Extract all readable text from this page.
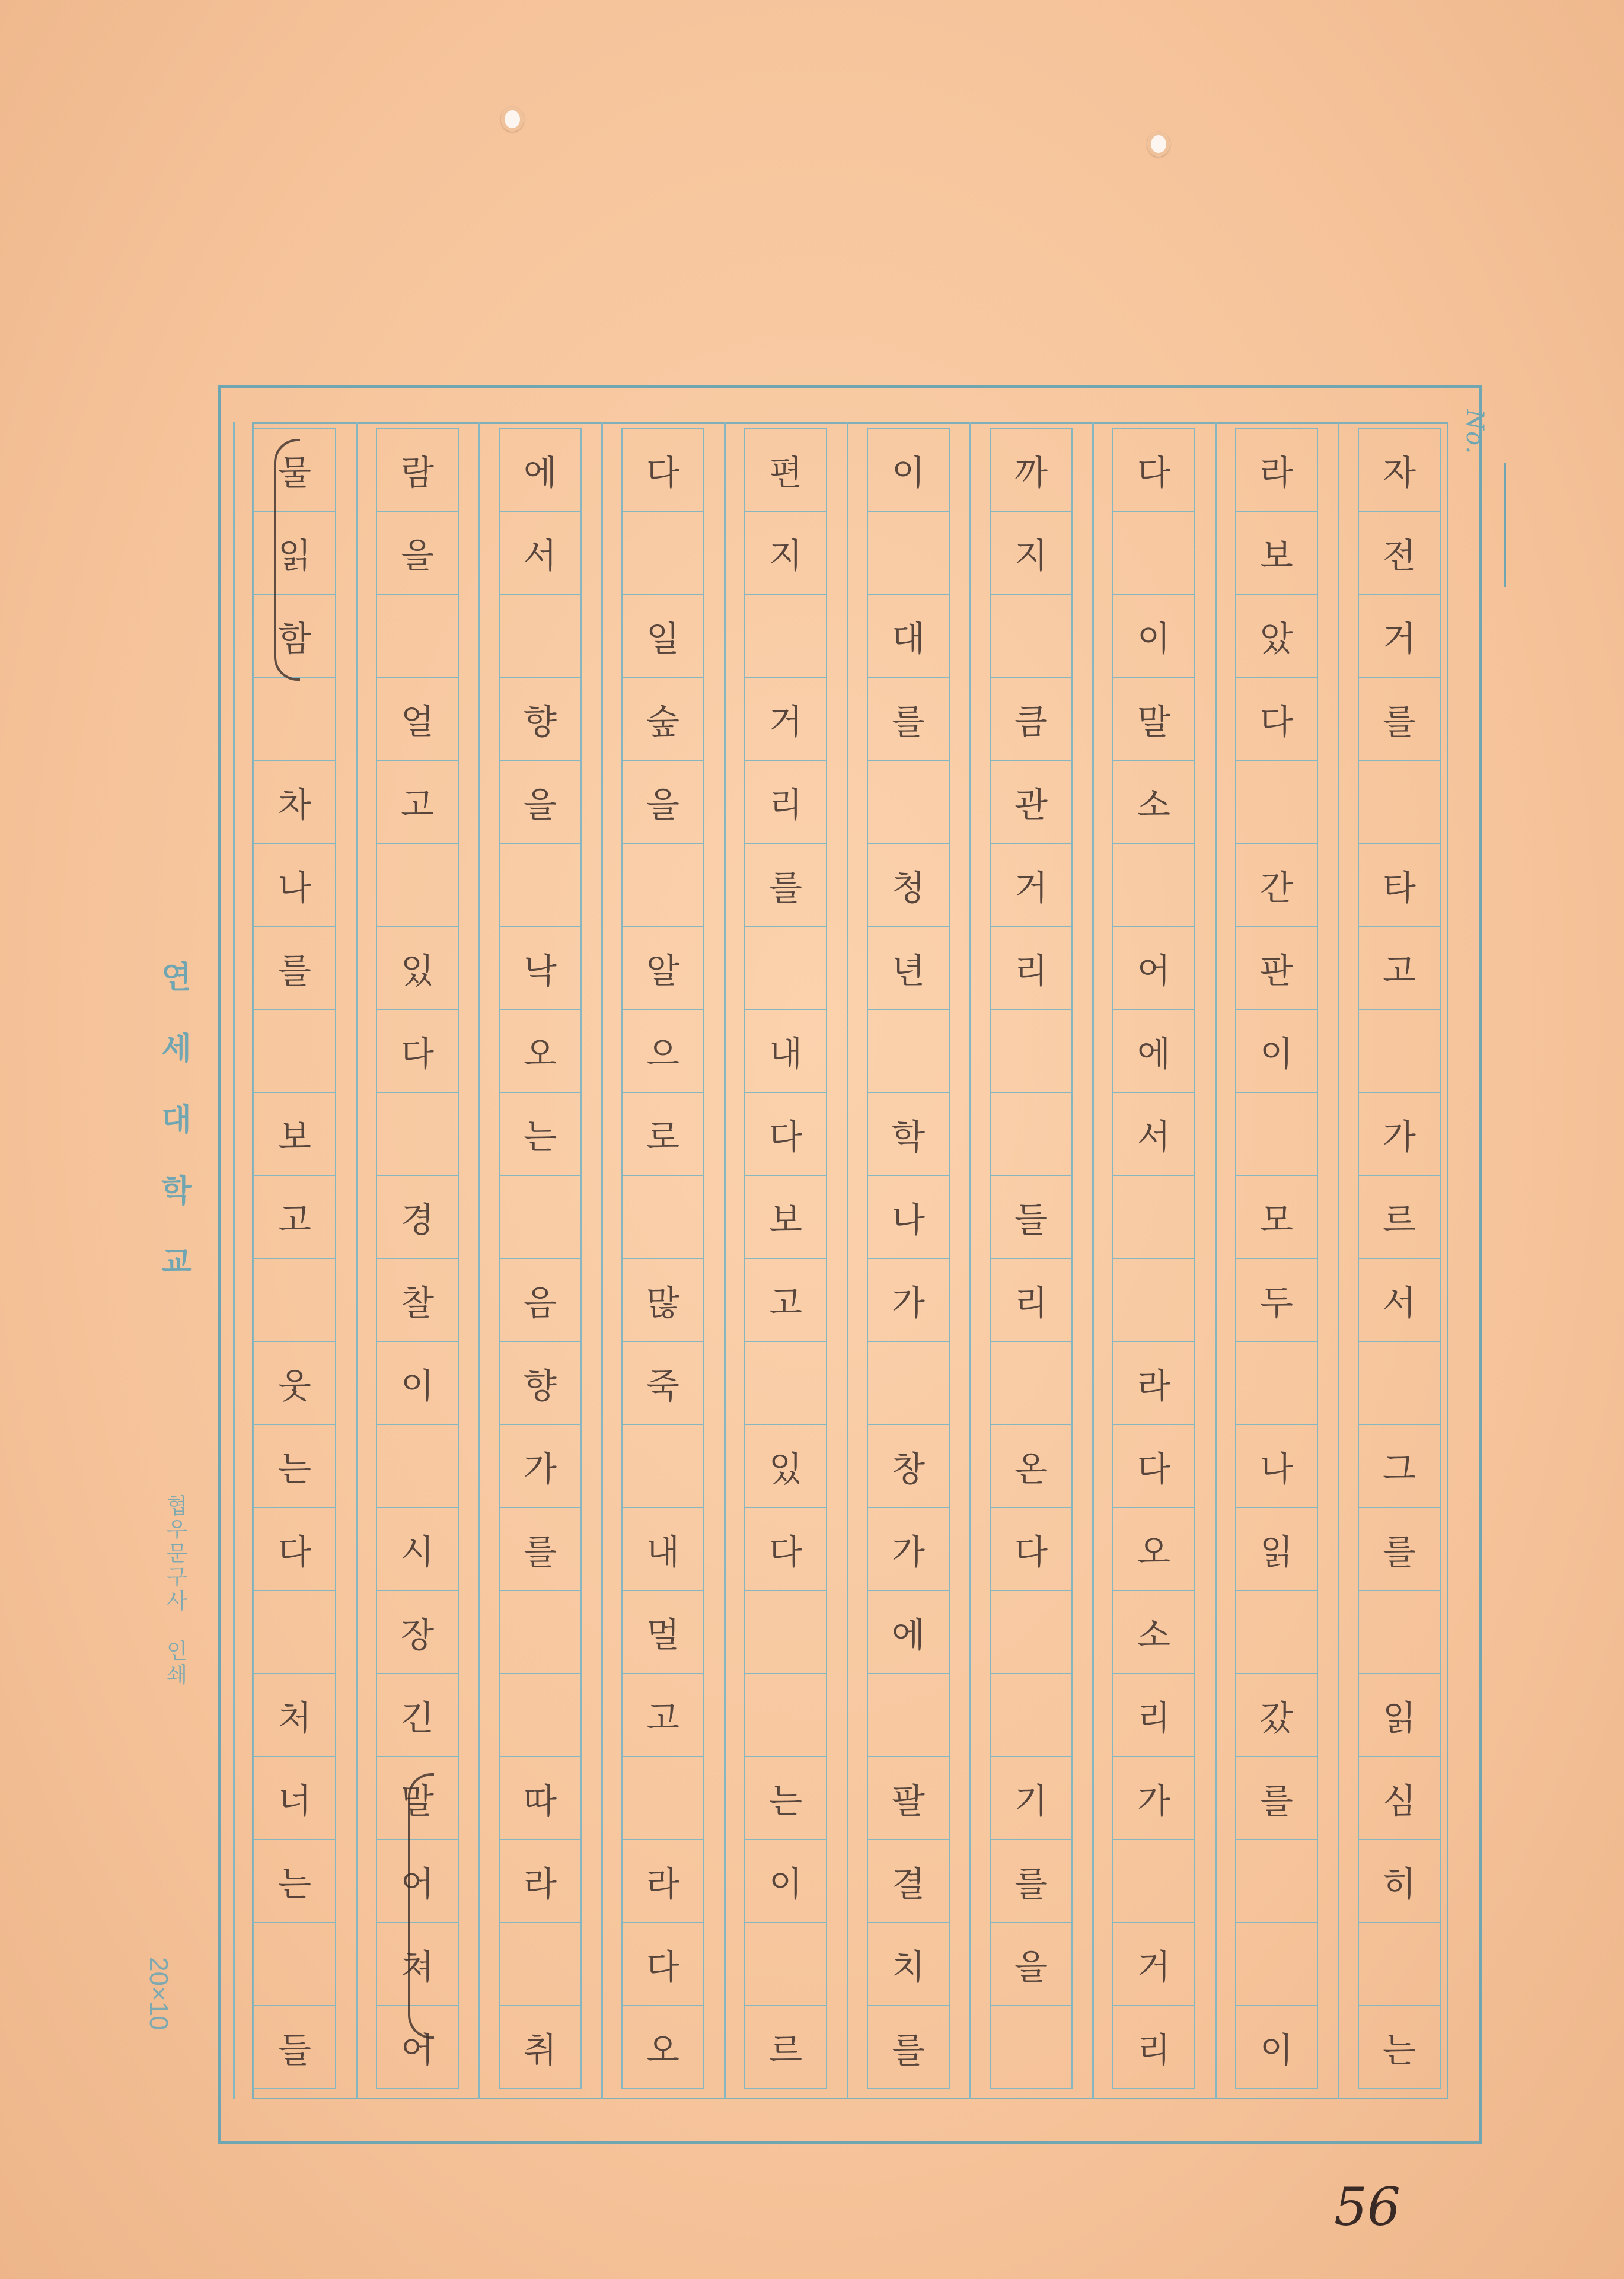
No.
자
전
거
를
타
고
가
르
서
그
를
읽
심
히
는
라
보
았
다
간
판
이
모
두
나
읽
갔
를
이
다
이
말
소
어
에
서
라
다
오
소
리
가
거
리
까
지
큼
관
거
리
들
리
온
다
기
를
을
이
대
를
청
년
학
나
가
창
가
에
팔
결
치
를
편
지
거
리
를
내
다
보
고
있
다
는
이
르
다
일
숲
을
알
으
로
많
죽
내
멀
고
라
다
오
에
서
향
을
낙
오
는
음
향
가
를
따
라
취
람
을
얼
고
있
다
경
찰
이
시
장
긴
말
어
쳐
어
물
읽
함
차
나
를
보
고
웃
는
다
처
너
는
들
연세대학교
협우문구사 인쇄
20×10
56
